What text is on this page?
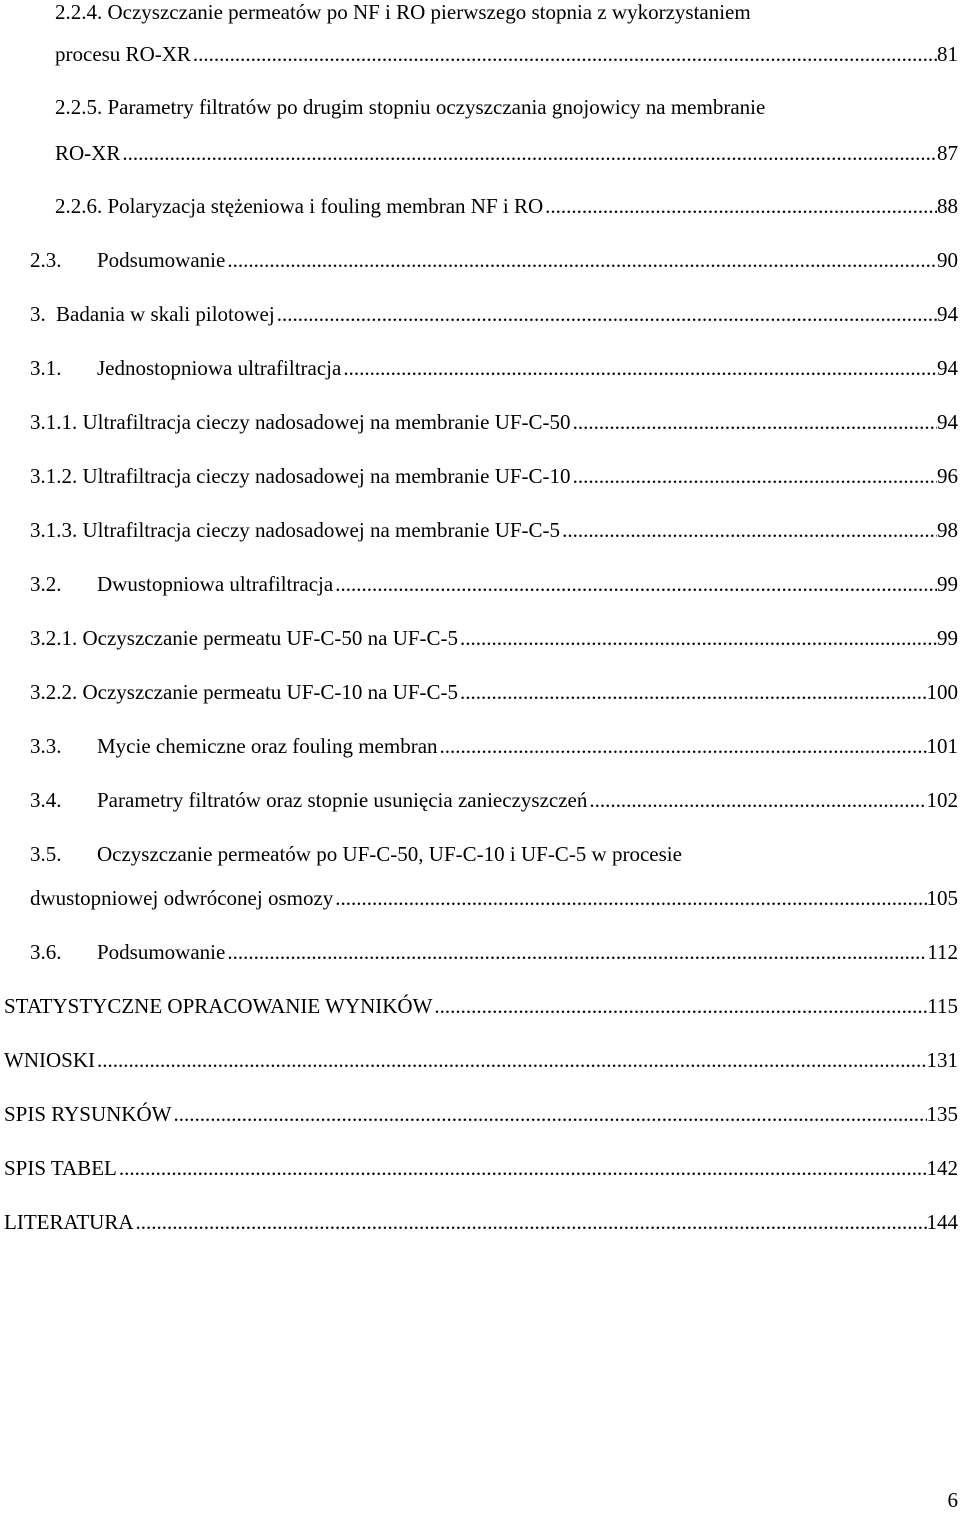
2.2.4. Oczyszczanie permeatów po NF i RO pierwszego stopnia z wykorzystaniem
procesu RO-XR .....	81
2.2.5. Parametry filtratów po drugim stopniu oczyszczania gnojowicy na membranie
RO-XR .....	87
2.2.6. Polaryzacja stężeniowa i fouling membran NF i RO .....	88
2.3. Podsumowanie .....	90
3. Badania w skali pilotowej .....	94
3.1. Jednostopniowa ultrafiltracja .....	94
3.1.1. Ultrafiltracja cieczy nadosadowej na membranie UF-C-50 .....	94
3.1.2. Ultrafiltracja cieczy nadosadowej na membranie UF-C-10 .....	96
3.1.3. Ultrafiltracja cieczy nadosadowej na membranie UF-C-5 .....	98
3.2. Dwustopniowa ultrafiltracja .....	99
3.2.1. Oczyszczanie permeatu UF-C-50 na UF-C-5 .....	99
3.2.2. Oczyszczanie permeatu UF-C-10 na UF-C-5 .....	100
3.3. Mycie chemiczne oraz fouling membran .....	101
3.4. Parametry filtratów oraz stopnie usunięcia zanieczyszczeń .....	102
3.5. Oczyszczanie permeatów po UF-C-50, UF-C-10 i UF-C-5 w procesie
dwustopniowej odwróconej osmozy .....	105
3.6. Podsumowanie .....	112
STATYSTYCZNE OPRACOWANIE WYNIKÓW .....	115
WNIOSKI .....	131
SPIS RYSUNKÓW .....	135
SPIS TABEL .....	142
LITERATURA .....	144
6
